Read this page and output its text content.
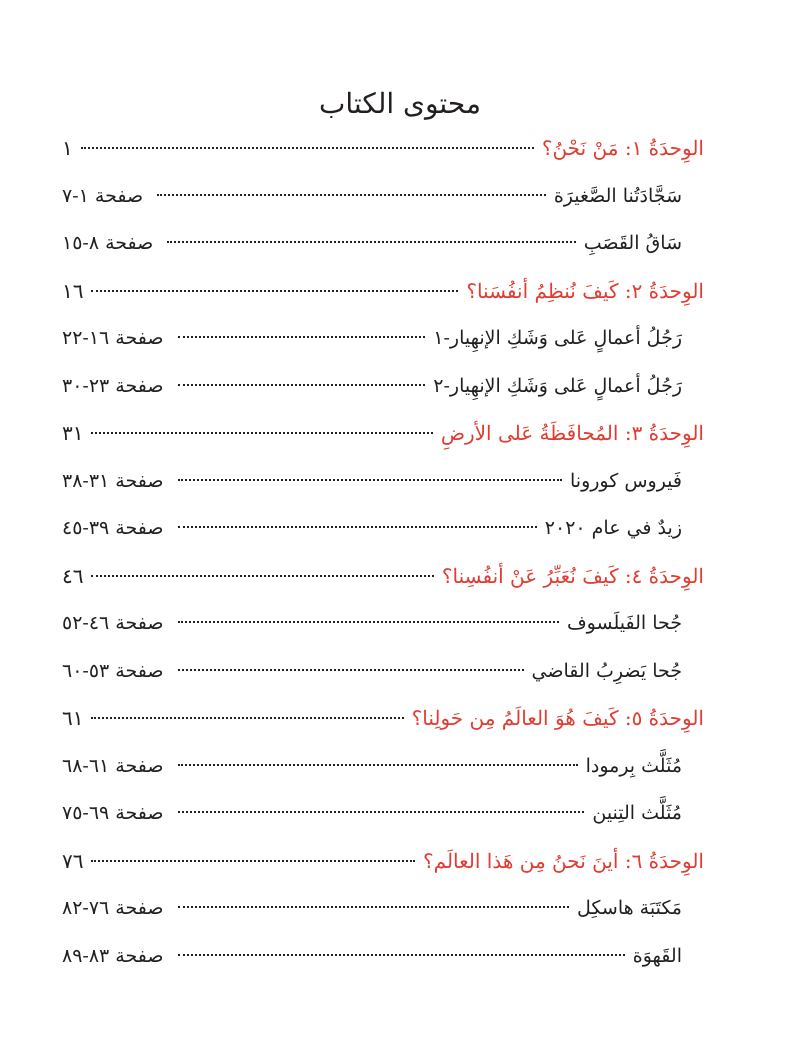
محتوى الكتاب
الوِحدَةُ ١: مَنْ نَحْنُ؟
١
سَجَّادَتُنا الصَّغيرَة
صفحة ١-٧
سَاقُ القَصَبِ
صفحة ٨-١٥
الوِحدَةُ ٢: كَيفَ نُنظِمُ أنفُسَنا؟
١٦
رَجُلُ أعمالٍ عَلى وَشَكِ الإنهِيار-١
صفحة ١٦-٢٢
رَجُلُ أعمالٍ عَلى وَشَكِ الإنهِيار-٢
صفحة ٢٣-٣٠
الوِحدَةُ ٣: المُحافَظَةُ عَلى الأرضِ
٣١
فَيروس كورونا
صفحة ٣١-٣٨
زيدٌ في عام ٢٠٢٠
صفحة ٣٩-٤٥
الوِحدَةُ ٤: كَيفَ نُعَبِّرُ عَنْ أنفُسِنا؟
٤٦
جُحا الفَيلَسوف
صفحة ٤٦-٥٢
جُحا يَضرِبُ القاضي
صفحة ٥٣-٦٠
الوِحدَةُ ٥: كَيفَ هُوَ العالَمُ مِن حَولِنا؟
٦١
مُثَلَّث بِرمودا
صفحة ٦١-٦٨
مُثَلَّث التِنين
صفحة ٦٩-٧٥
الوِحدَةُ ٦: أينَ نَحنُ مِن هَذا العالَم؟
٧٦
مَكتَبَة هاسكِل
صفحة ٧٦-٨٢
القَهوَة
صفحة ٨٣-٨٩
